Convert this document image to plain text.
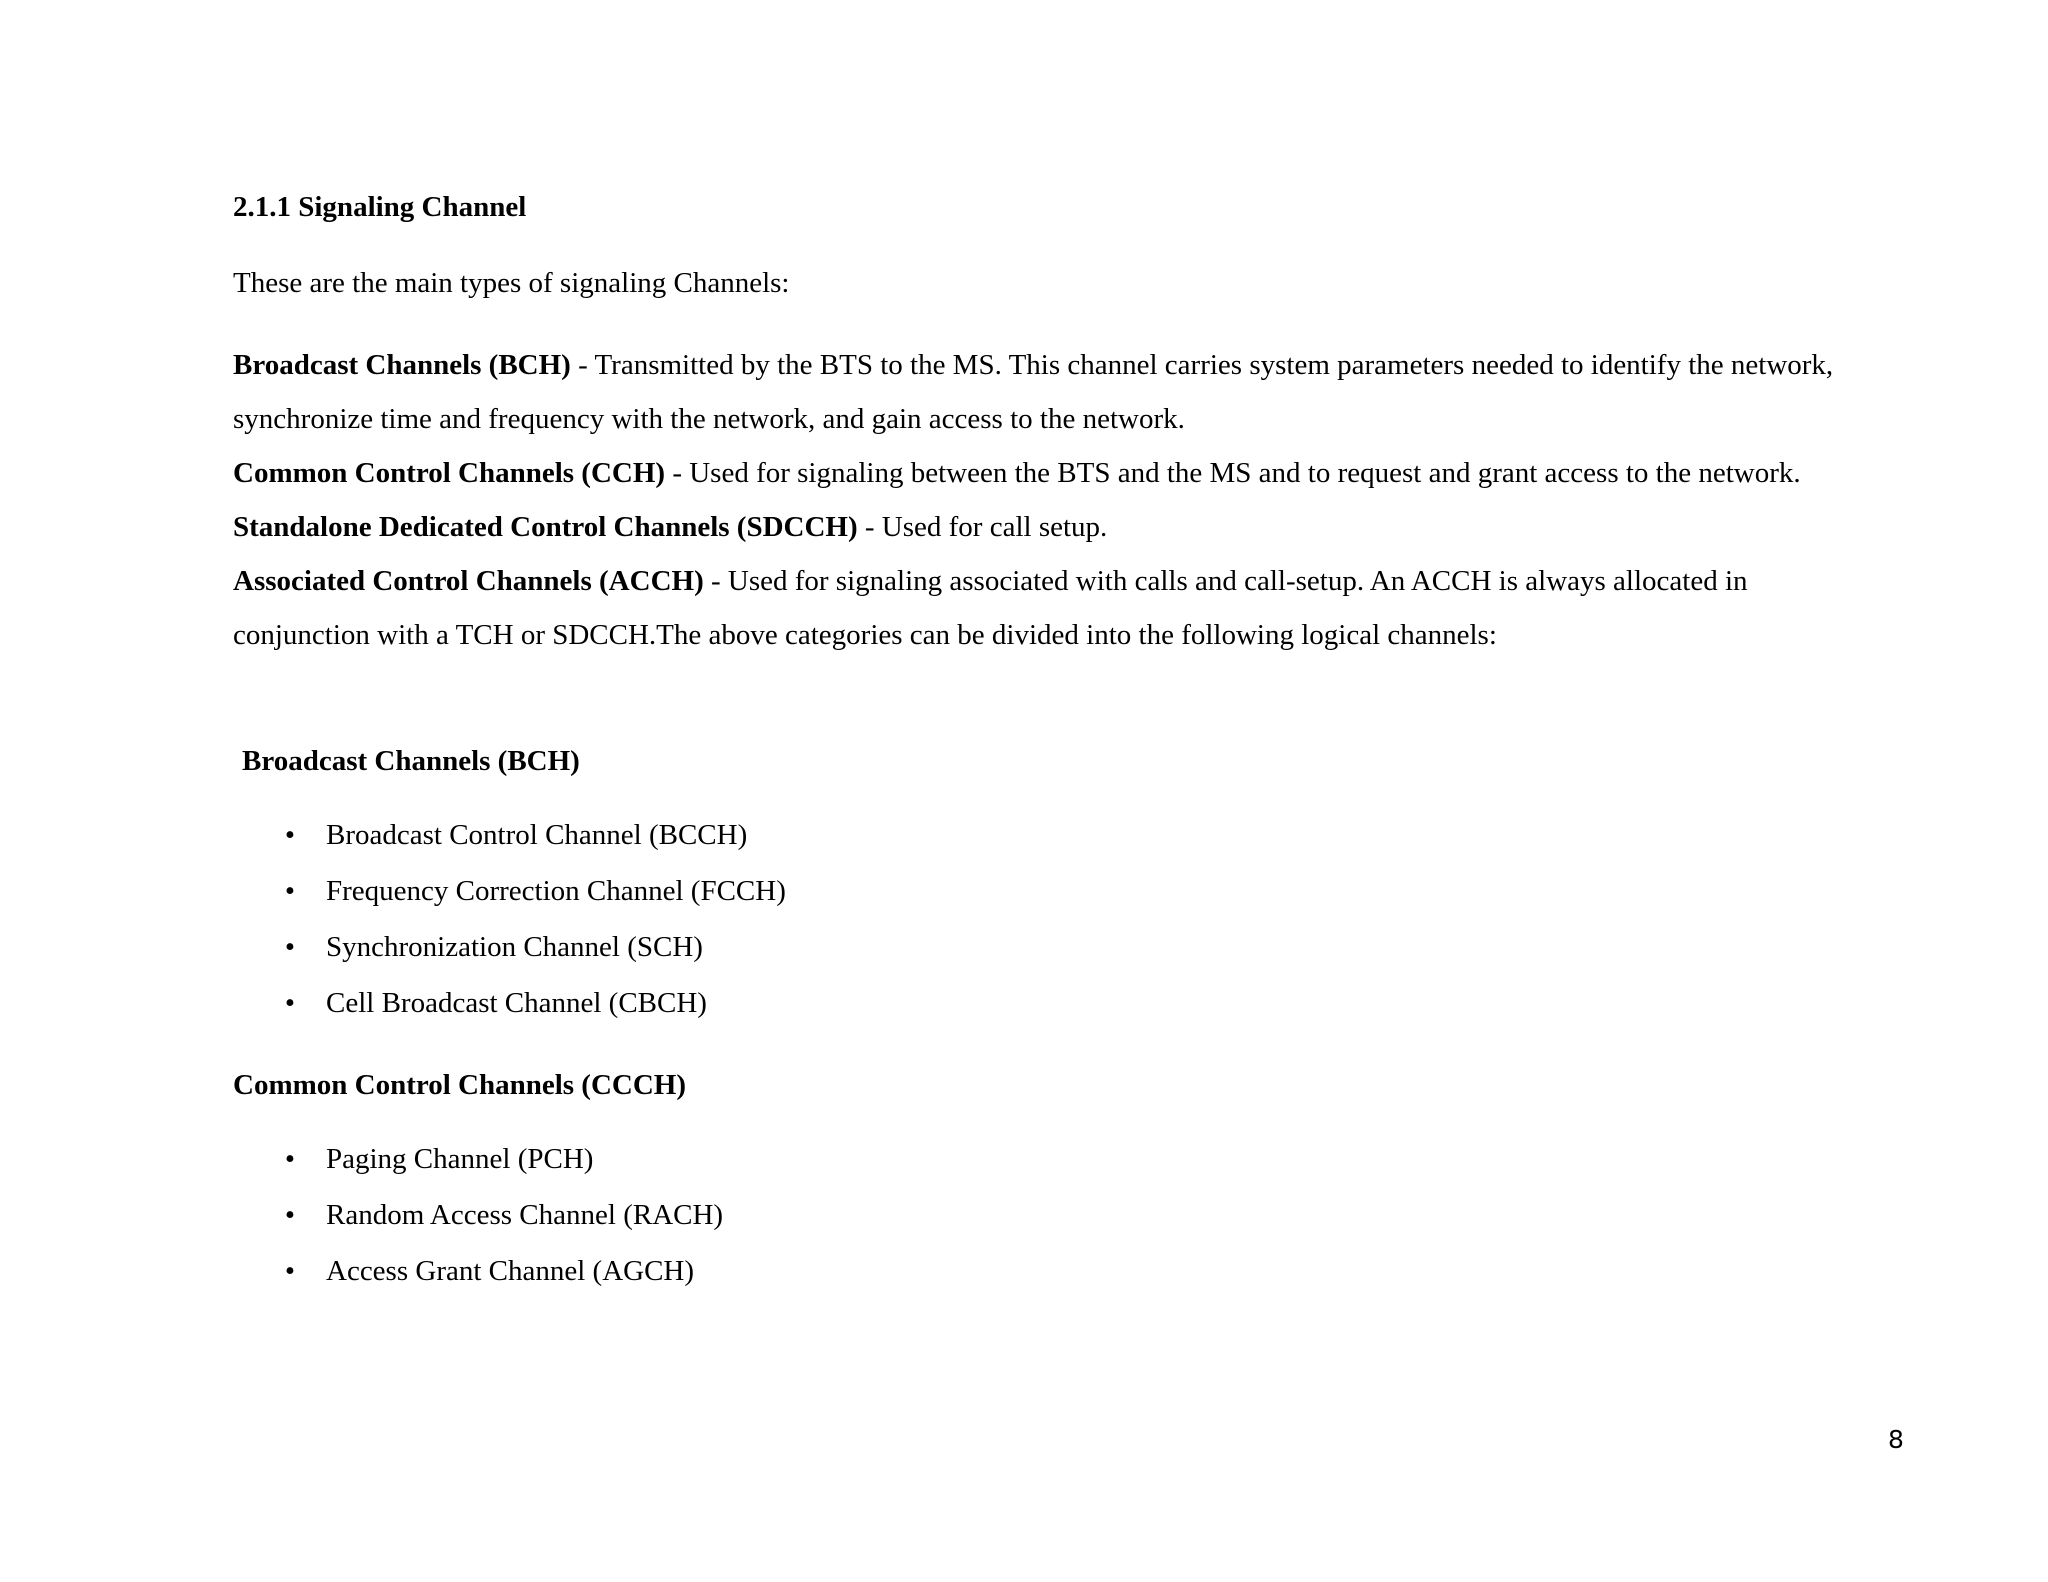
2.1.1 Signaling Channel
These are the main types of signaling Channels:

Broadcast Channels (BCH) - Transmitted by the BTS to the MS. This channel carries system parameters needed to identify the network, synchronize time and frequency with the network, and gain access to the network.

Common Control Channels (CCH) - Used for signaling between the BTS and the MS and to request and grant access to the network.

Standalone Dedicated Control Channels (SDCCH) - Used for call setup.

Associated Control Channels (ACCH) - Used for signaling associated with calls and call-setup. An ACCH is always allocated in conjunction with a TCH or SDCCH.The above categories can be divided into the following logical channels:

Broadcast Channels (BCH)
• Broadcast Control Channel (BCCH)
• Frequency Correction Channel (FCCH)
• Synchronization Channel (SCH)
• Cell Broadcast Channel (CBCH)
Common Control Channels (CCCH)
• Paging Channel (PCH)
• Random Access Channel (RACH)
• Access Grant Channel (AGCH)
8
